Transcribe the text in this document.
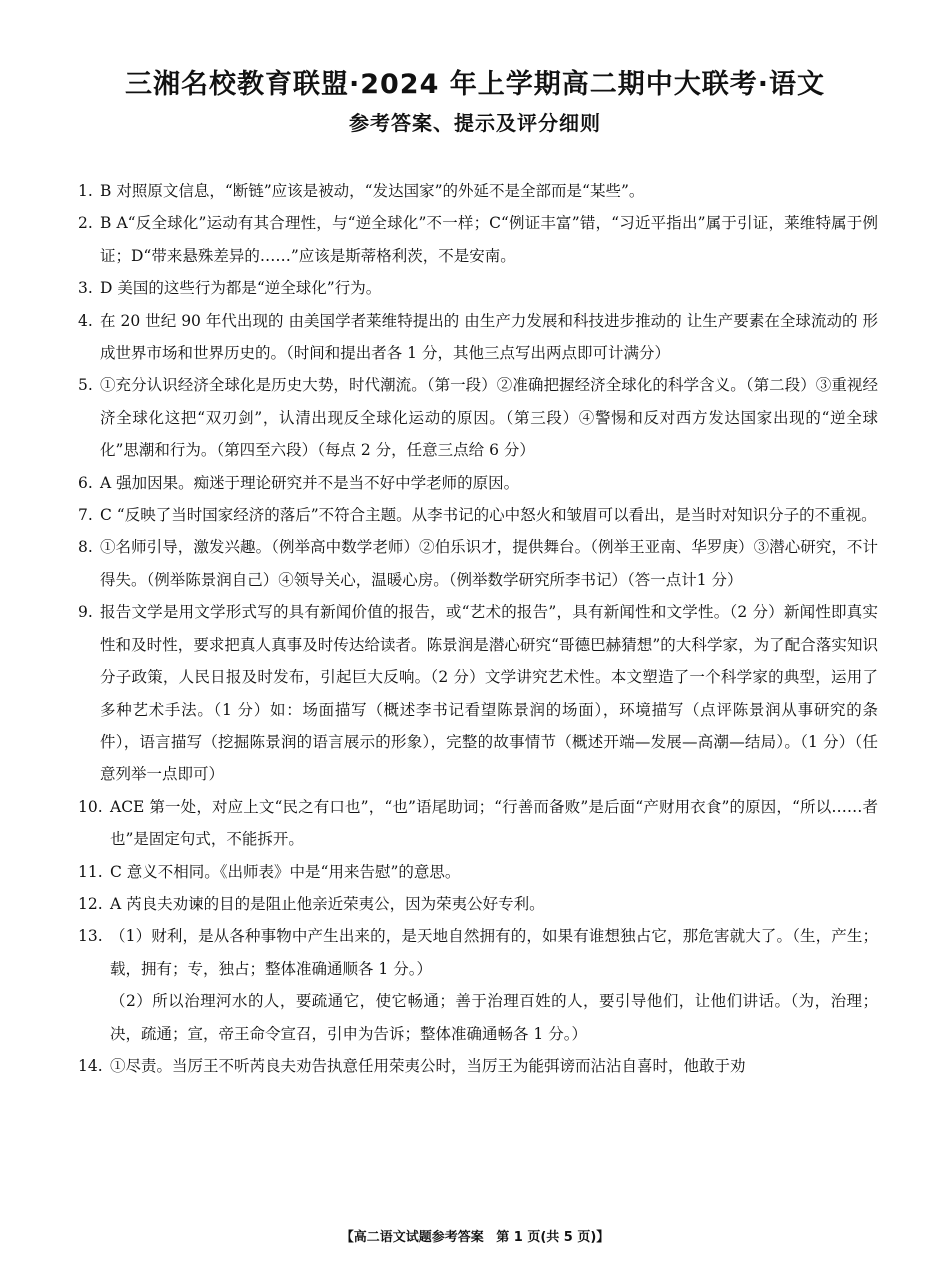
三湘名校教育联盟·2024 年上学期高二期中大联考·语文
参考答案、提示及评分细则
1. B 对照原文信息，“断链”应该是被动，“发达国家”的外延不是全部而是“某些”。
2. B A“反全球化”运动有其合理性，与“逆全球化”不一样；C“例证丰富”错，“习近平指出”属于引证，莱维特属于例证；D“带来悬殊差异的……”应该是斯蒂格利茨，不是安南。
3. D 美国的这些行为都是“逆全球化”行为。
4. 在 20 世纪 90 年代出现的 由美国学者莱维特提出的 由生产力发展和科技进步推动的 让生产要素在全球流动的 形成世界市场和世界历史的。（时间和提出者各 1 分，其他三点写出两点即可计满分）
5. ①充分认识经济全球化是历史大势，时代潮流。（第一段）②准确把握经济全球化的科学含义。（第二段）③重视经济全球化这把“双刃剑”，认清出现反全球化运动的原因。（第三段）④警惕和反对西方发达国家出现的“逆全球化”思潮和行为。（第四至六段）（每点 2 分，任意三点给 6 分）
6. A 强加因果。痴迷于理论研究并不是当不好中学老师的原因。
7. C “反映了当时国家经济的落后”不符合主题。从李书记的心中怒火和皱眉可以看出，是当时对知识分子的不重视。
8. ①名师引导，激发兴趣。（例举高中数学老师）②伯乐识才，提供舞台。（例举王亚南、华罗庚）③潜心研究，不计得失。（例举陈景润自己）④领导关心，温暖心房。（例举数学研究所李书记）（答一点计1 分）
9. 报告文学是用文学形式写的具有新闻价值的报告，或“艺术的报告”，具有新闻性和文学性。（2 分）新闻性即真实性和及时性，要求把真人真事及时传达给读者。陈景润是潜心研究“哥德巴赫猜想”的大科学家，为了配合落实知识分子政策，人民日报及时发布，引起巨大反响。（2 分）文学讲究艺术性。本文塑造了一个科学家的典型，运用了多种艺术手法。（1 分）如：场面描写（概述李书记看望陈景润的场面），环境描写（点评陈景润从事研究的条件），语言描写（挖掘陈景润的语言展示的形象），完整的故事情节（概述开端—发展—高潮—结局）。（1 分）（任意列举一点即可）
10. ACE 第一处，对应上文“民之有口也”，“也”语尾助词；“行善而备败”是后面“产财用衣食”的原因，“所以……者也”是固定句式，不能拆开。
11. C 意义不相同。《出师表》中是“用来告慰”的意思。
12. A 芮良夫劝谏的目的是阻止他亲近荣夷公，因为荣夷公好专利。
13. （1）财利，是从各种事物中产生出来的，是天地自然拥有的，如果有谁想独占它，那危害就大了。（生，产生；载，拥有；专，独占；整体准确通顺各 1 分。）
（2）所以治理河水的人，要疏通它，使它畅通；善于治理百姓的人，要引导他们，让他们讲话。（为，治理；决，疏通；宣，帝王命令宣召，引申为告诉；整体准确通畅各 1 分。）
14. ①尽责。当厉王不听芮良夫劝告执意任用荣夷公时，当厉王为能弭谤而沾沾自喜时，他敢于劝
【高二语文试题参考答案 第 1 页(共 5 页)】
